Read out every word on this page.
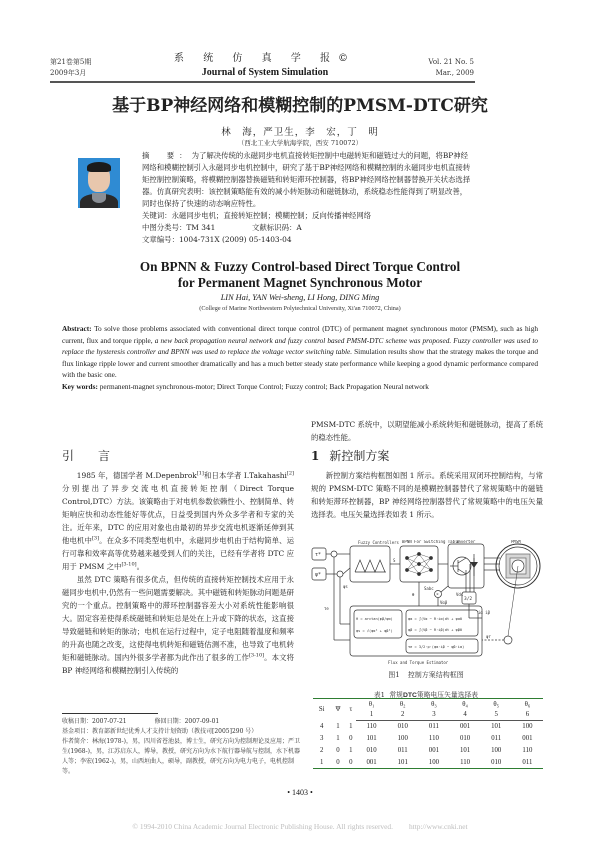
第21卷第5期
2009年3月
系 统 仿 真 学 报©
Journal of System Simulation
Vol. 21 No. 5
Mar., 2009
基于BP神经网络和模糊控制的PMSM-DTC研究
林　海，严卫生，李　宏，丁　明
（西北工业大学航海学院，西安 710072）
摘　要：为了解决传统的永磁同步电机直接转矩控制中电磁转矩和磁链过大的问题，将BP神经网络和模糊控制引入永磁同步电机控制中，研究了基于BP神经网络和模糊控制的永磁同步电机直接转矩控制控制策略，将模糊控制器替换磁链和转矩滞环控制器，将BP神经网络控制器替换开关状态选择器。仿真研究表明：该控制策略能有效的减小转矩脉动和磁链脉动，系统稳态性能得到了明显改善，同时也保持了快速的动态响应特性。
关键词：永磁同步电机；直接转矩控制；模糊控制；反向传播神经网络
中图分类号：TM 341	文献标识码：A文章编号：1004-731X (2009) 05-1403-04
On BPNN & Fuzzy Control-based Direct Torque Control
for Permanent Magnet Synchronous Motor
LIN Hai, YAN Wei-sheng, LI Hong, DING Ming
(College of Marine Northwestern Polytechnical University, Xi'an 710072, China)
Abstract: To solve those problems associated with conventional direct torque control (DTC) of permanent magnet synchronous motor (PMSM), such as high current, flux and torque ripple, a new back propagation neural network and fuzzy control based PMSM-DTC scheme was proposed. Fuzzy controller was used to replace the hysteresis controller and BPNN was used to replace the voltage vector switching table. Simulation results show that the strategy makes the torque and flux linkage ripple lower and current smoother dramatically and has a much better steady state performance while keeping a good dynamic performance compared with the basic one.
Key words: permanent-magnet synchronous-motor; Direct Torque Control; Fuzzy control; Back Propagation Neural network
引　言

1985 年，德国学者 M.Depenbrok[1]和日本学者 I.Takahashi[2]分别提出了异步交流电机直接转矩控制（Direct Torque Control,DTC）方法。该策略由于对电机参数依赖性小、控制简单、转矩响应快和动态性能好等优点，日益受到国内外众多学者和专家的关注。近年来，DTC 的应用对象也由最初的异步交流电机逐渐延伸到其他电机中[3]。在众多不同类型电机中，永磁同步电机由于结构简单、运行可靠和效率高等优势越来越受到人们的关注，已经有学者将 DTC 应用于 PMSM 之中[3-10]。

虽然 DTC 策略有很多优点，但传统的直接转矩控制技术应用于永磁同步电机中,仍然有一些问题需要解决。其中磁链和转矩脉动问题是研究的一个重点。控制策略中的滞环控制器容差大小对系统性能影响很大。固定容差使得系统磁链和转矩总是处在上升或下降的状态，这直接导致磁链和转矩的脉动；电机在运行过程中，定子电阻随着温度和频率的升高也随之改变，这使得电机转矩和磁链估测不准，也导致了电机转矩和磁链脉动。国内外很多学者都为此作出了很多的工作[3-10]。本文将 BP 神经网络和模糊控制引入传统的

收稿日期：2007-07-21	修回日期：2007-09-01
基金项目：教育部新世纪优秀人才支持计划资助（教技司[2005]290 号）
作者简介：林海(1978-)，男，四川省苍池县，博士生，研究方向为控制理论及应用；严卫生(1968-)，男，江苏启东人，博导，教授，研究方向为水下航行器导航与控制，水下机器人等；李宏(1962-)，男，山西垣曲人，硕导，副教授，研究方向为电力电子，电机控制等。

PMSM-DTC 系统中，以期望能减小系统转矩和磁链脉动，提高了系统的稳态性能。

1 新控制方案

新控制方案结构框图如图 1 所示。系统采用双闭环控制结构，与常规的 PMSM-DTC 策略不同的是模糊控制器替代了常规策略中的磁链和转矩滞环控制器，BP 神经网络控制器替代了常规策略中的电压矢量选择表。电压矢量选择表如表 1 所示。

τ*
ψ*
Fuzzy Controllers
S
BPNN For Switching Table
Inverter	PMSM
ψr
3/2
iα iβ
×
Sabc
Vdc
Vαβ
θ
θ = arctan(ψβ/ψα)
ψs = √(ψα² + ψβ²)
ψα = ∫(Vα − R·iα)dt + ψα0
ψβ = ∫(Vβ − R·iβ)dt + ψβ0
τe = 3/2·p·(ψα·iβ − ψβ·iα)
Flux and Torque Estimator
ψs
τe
图1 控制方案结构框图
表1 常规DTC策略电压矢量选择表
Si	Ψ	τ	θ₁	θ₂	θ₃	θ₄	θ₅	θ₆
			1	2	3	4	5	6
4	1	1	110	010	011	001	101	100
3	1	0	101	100	110	010	011	001
2	0	1	010	011	001	101	100	110
1	0	0	001	101	100	110	010	011
• 1403 •
© 1994-2010 China Academic Journal Electronic Publishing House. All rights reserved. http://www.cnki.net
